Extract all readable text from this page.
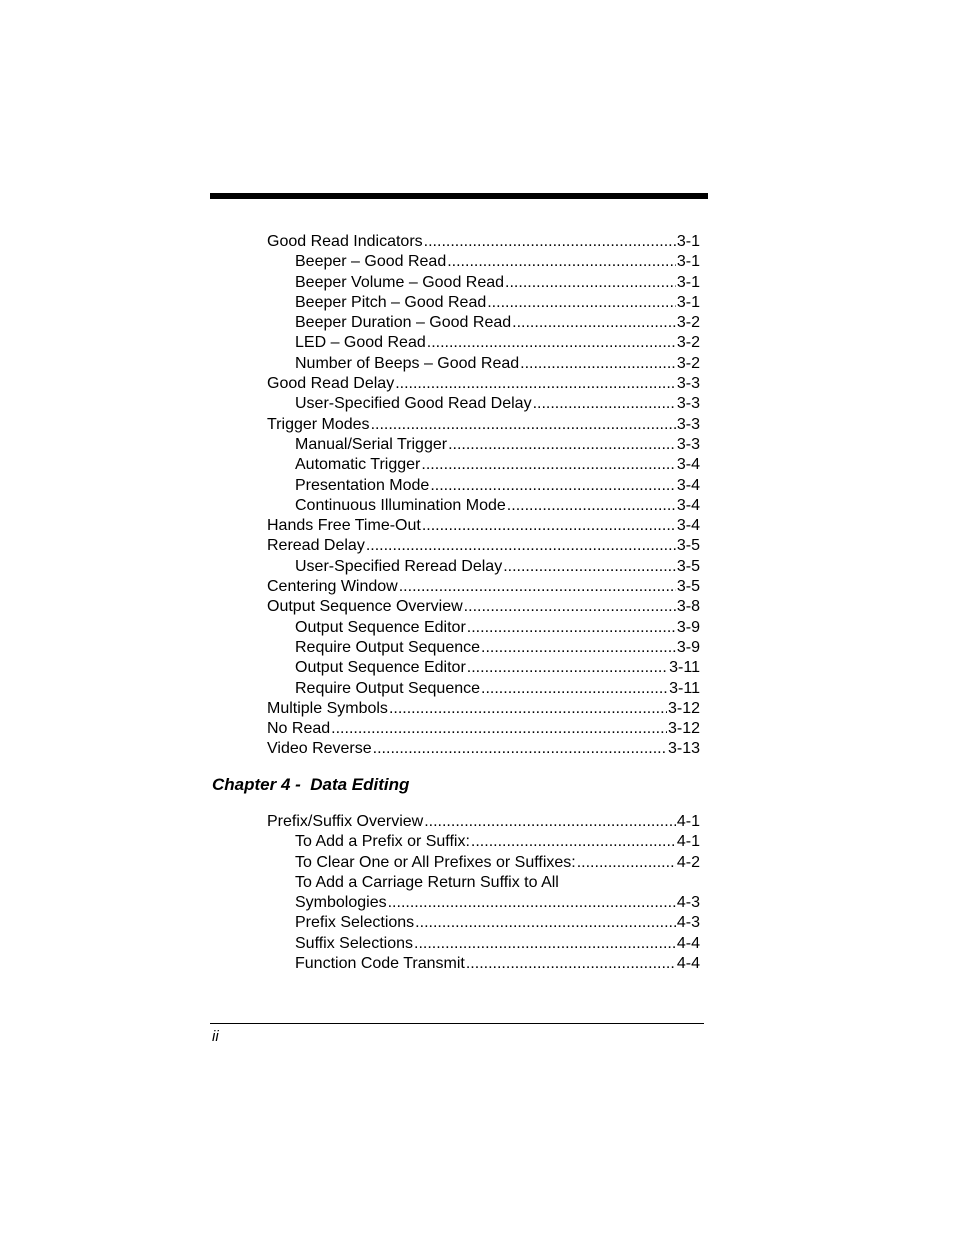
Good Read Indicators .....	3-1
Beeper – Good Read .....	3-1
Beeper Volume – Good Read .....	3-1
Beeper Pitch – Good Read .....	3-1
Beeper Duration – Good Read .....	3-2
LED – Good Read .....	3-2
Number of Beeps – Good Read .....	3-2
Good Read Delay .....	3-3
User-Specified Good Read Delay .....	3-3
Trigger Modes .....	3-3
Manual/Serial Trigger .....	3-3
Automatic Trigger .....	3-4
Presentation Mode .....	3-4
Continuous Illumination Mode .....	3-4
Hands Free Time-Out .....	3-4
Reread Delay .....	3-5
User-Specified Reread Delay .....	3-5
Centering Window .....	3-5
Output Sequence Overview .....	3-8
Output Sequence Editor .....	3-9
Require Output Sequence .....	3-9
Output Sequence Editor .....	3-11
Require Output Sequence .....	3-11
Multiple Symbols .....	3-12
No Read .....	3-12
Video Reverse .....	3-13
Chapter 4 -  Data Editing
Prefix/Suffix Overview .....	4-1
To Add a Prefix or Suffix: .....	4-1
To Clear One or All Prefixes or Suffixes: .....	4-2
To Add a Carriage Return Suffix to All
Symbologies .....	4-3
Prefix Selections .....	4-3
Suffix Selections .....	4-4
Function Code Transmit .....	4-4
ii
